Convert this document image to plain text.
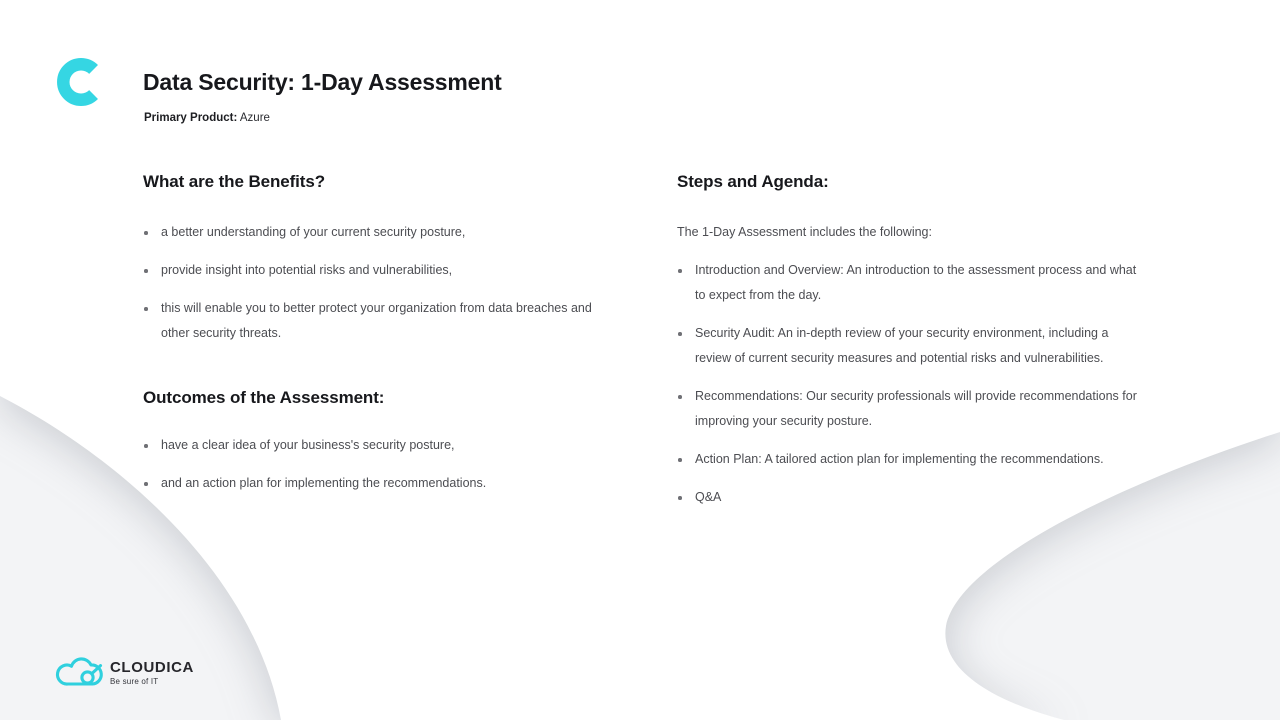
Data Security: 1-Day Assessment
Primary Product: Azure
What are the Benefits?
a better understanding of your current security posture,
provide insight into potential risks and vulnerabilities,
this will enable you to better protect your organization from data breaches and other security threats.
Outcomes of the Assessment:
have a clear idea of your business's security posture,
and an action plan for implementing the recommendations.
Steps and Agenda:

The 1-Day Assessment includes the following:

Introduction and Overview: An introduction to the assessment process and what to expect from the day.
Security Audit: An in-depth review of your security environment, including a review of current security measures and potential risks and vulnerabilities.
Recommendations: Our security professionals will provide recommendations for improving your security posture.
Action Plan: A tailored action plan for implementing the recommendations.
Q&A
CLOUDICA
Be sure of IT
